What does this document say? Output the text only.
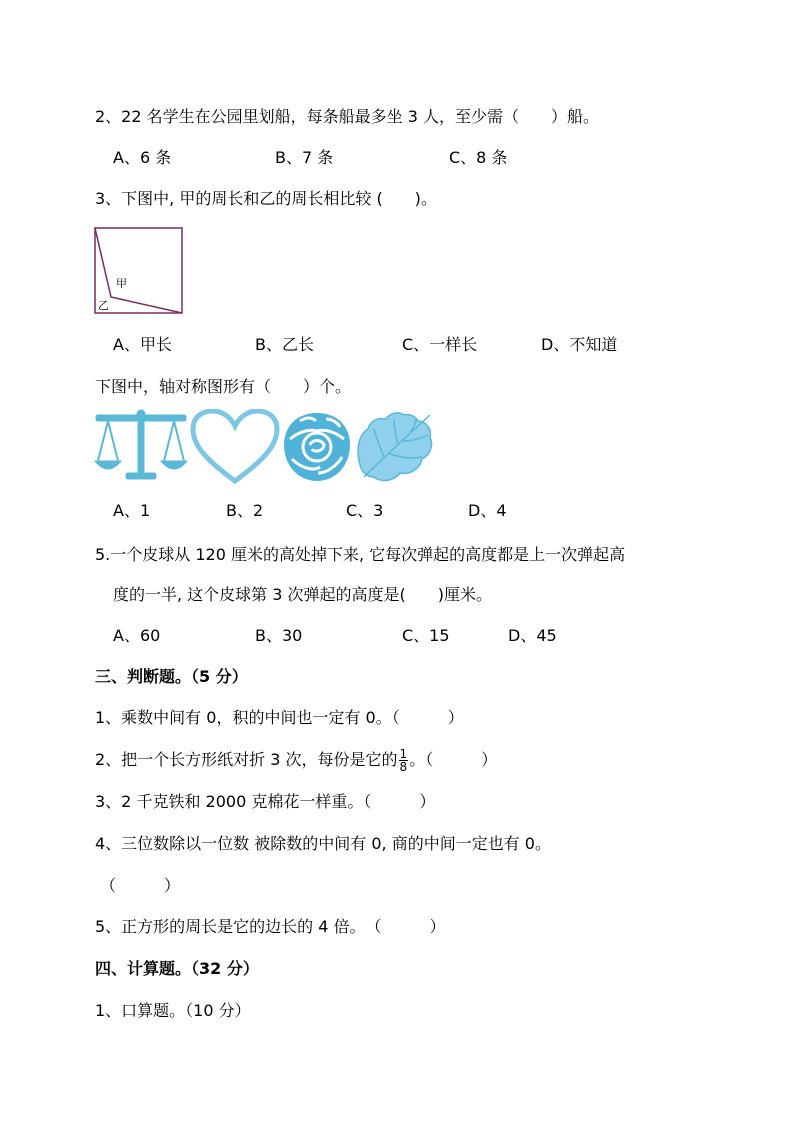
2、22 名学生在公园里划船，每条船最多坐 3 人，至少需（　　）船。
A、6 条	B、7 条	C、8 条
3、下图中, 甲的周长和乙的周长相比较 (　　)。
甲
乙
A、甲长	B、乙长	C、一样长	D、不知道
下图中，轴对称图形有（　　）个。
A、1	B、2	C、3	D、4
5.一个皮球从 120 厘米的高处掉下来, 它每次弹起的高度都是上一次弹起高
度的一半, 这个皮球第 3 次弹起的高度是(　　)厘米。
A、60	B、30	C、15	D、45
三、判断题。（5 分）
1、乘数中间有 0，积的中间也一定有 0。（　　　）
2、把一个长方形纸对折 3 次，每份是它的 $\frac{1}{8}$ 。（　　　）
3、2 千克铁和 2000 克棉花一样重。（　　　）
4、三位数除以一位数 被除数的中间有 0, 商的中间一定也有 0。
（　　　）
5、正方形的周长是它的边长的 4 倍。　（　　　）
四、计算题。（32 分）
1、口算题。（10 分）
